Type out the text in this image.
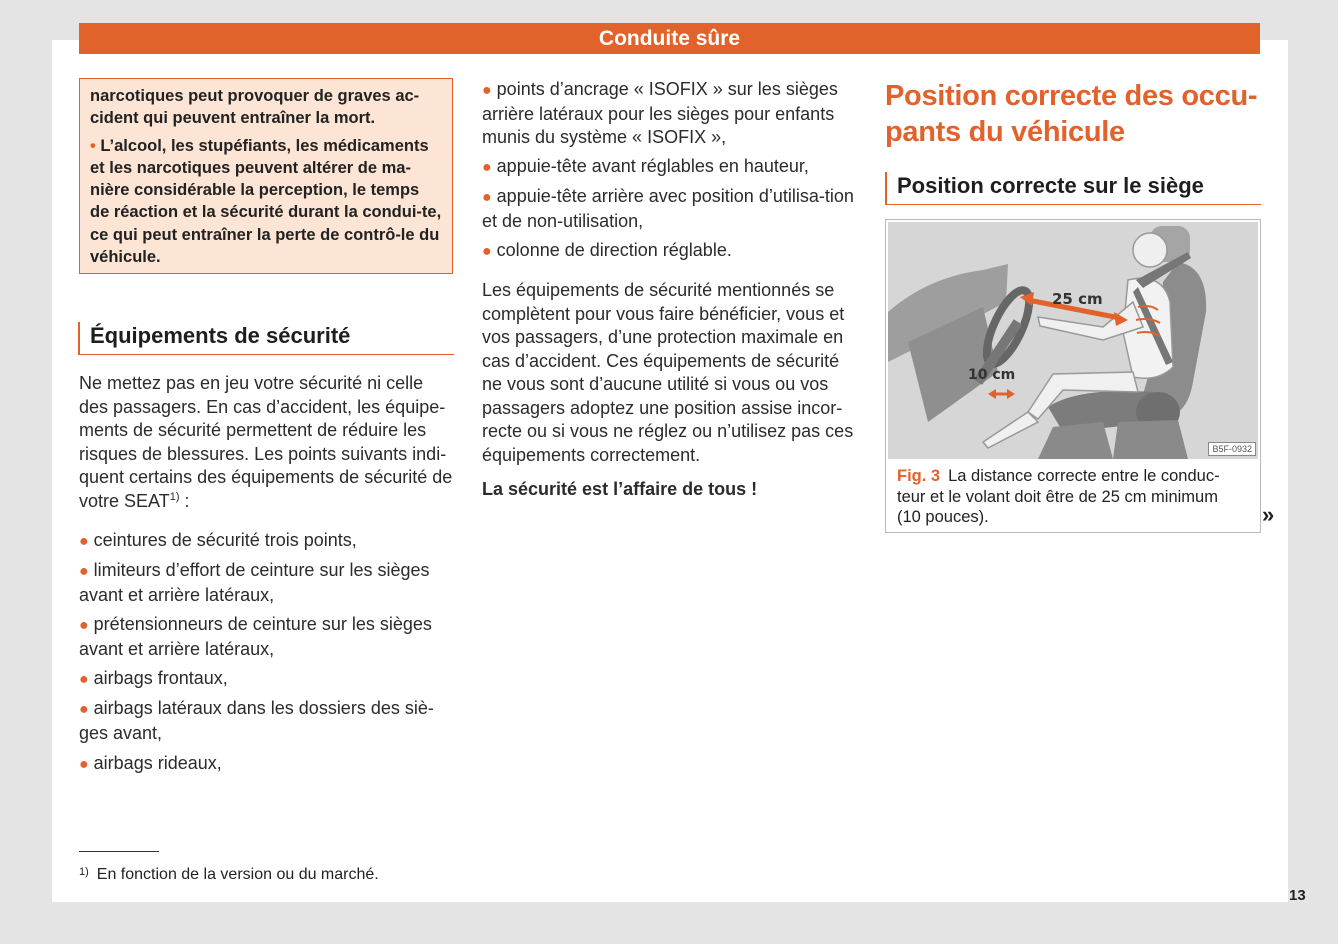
Conduite sûre

narcotiques peut provoquer de graves ac-cident qui peuvent entraîner la mort.

• L’alcool, les stupéfiants, les médicaments et les narcotiques peuvent altérer de ma-nière considérable la perception, le temps de réaction et la sécurité durant la condui-te, ce qui peut entraîner la perte de contrô-le du véhicule.

Équipements de sécurité

Ne mettez pas en jeu votre sécurité ni celle des passagers. En cas d’accident, les équipe-ments de sécurité permettent de réduire les risques de blessures. Les points suivants indi-quent certains des équipements de sécurité de votre SEAT$^{1)}$ :

● ceintures de sécurité trois points,

● limiteurs d’effort de ceinture sur les sièges avant et arrière latéraux,

● prétensionneurs de ceinture sur les sièges avant et arrière latéraux,

● airbags frontaux,

● airbags latéraux dans les dossiers des siè-ges avant,

● airbags rideaux,

● points d’ancrage « ISOFIX » sur les sièges arrière latéraux pour les sièges pour enfants munis du système « ISOFIX »,

● appuie-tête avant réglables en hauteur,

● appuie-tête arrière avec position d’utilisa-tion et de non-utilisation,

● colonne de direction réglable.

Les équipements de sécurité mentionnés se complètent pour vous faire bénéficier, vous et vos passagers, d’une protection maximale en cas d’accident. Ces équipements de sécurité ne vous sont d’aucune utilité si vous ou vos passagers adoptez une position assise incor-recte ou si vous ne réglez ou n’utilisez pas ces équipements correctement.

La sécurité est l’affaire de tous !

Position correcte des occu-pants du véhicule
Position correcte sur le siège
25 cm
10 cm
B5F-0932
Fig. 3 La distance correcte entre le conduc-teur et le volant doit être de 25 cm minimum (10 pouces).	»
$^{1)}$ En fonction de la version ou du marché.
13
